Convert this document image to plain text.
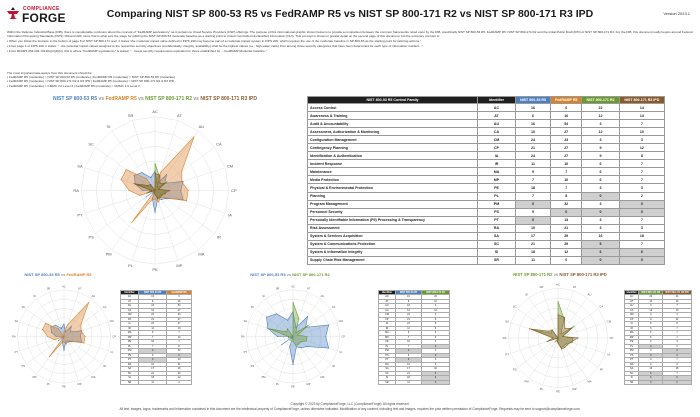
COMPLIANCE
FORGE	Comparing NIST SP 800-53 R5 vs FedRAMP R5 vs NIST SP 800-171 R2 vs NIST SP 800-171 R3 IPD	Version 2023.1

Within the Defense Industrial Base (DIB), there is considerable confusion about the concept of "FedRAMP equivalency" as it pertains to Cloud Service Providers (CSP) offerings. The purpose of this informational graphic shown below is to provide a comparison between the common frameworks relied upon by the DIB, specifically NIST SP 800-53 R5, FedRAMP R5, NIST SP 800-171 R2 and the Initial Public Draft (IPD) of NIST SP 800-171 R3. For the DIB, this document really begins around Federal Information Processing Standards (FIPS) 199 and 200, since that is what sets the stage for utilizing the NIST SP 800-53 moderate baseline as a starting point to protect Controlled Unclassified Information (CUI). This concept is shown in greater detail on the second page of this document, but the summary concept is:

▪ When you follow the footnote to the bottom of page 5 of NIST SP 800-171 rev2, it states "the moderate impact value defined in FIPS 199 may become part of a moderate impact system in FIPS 200, which requires the use of the moderate baseline in SP 800-53 as the starting point for tailoring actions."

▪ From page 4 of FIPS 199, it states: "...the potential impact values assigned to the respective security objectives (confidentiality, integrity, availability) shall be the highest values (i.e., high water mark) from among those security categories that have been determined for each type of information resident..."

▪ From DFARS 252.204-7012(b)(2)(ii)(D), this is where "FedRAMP equivalency" is stated: "...meets security requirements equivalent to those established by ... FedRAMP Moderate baseline."

The most important take-aways from this document should be:

▪ FedRAMP R5 (moderate) > NIST SP 800-53 R5 (moderate) | FedRAMP R5 (moderate) > NIST SP 800-53 R5 (moderate)

▪ FedRAMP R5 (moderate) > NIST SP 800-171 R2 & R3 IPD | FedRAMP R5 (moderate) > NIST SP 800-171 R2 & R3 IPD

▪ FedRAMP R5 (moderate) > CMMC 2.0 Level 2 | FedRAMP R5 (moderate) > CMMC 2.0 Level 2

NIST SP 800-53 R5 vs FedRAMP R5 vs NIST SP 800-171 R2 vs NIST SP 800-171 R3 IPD
AC
AT
AU
CA
CM
CP
IA
IR
MA
MP
PE
PL
PM
PS
PT
RA
SA
SC
SI
SR
NIST 800-53 R5 Control Family	Identifier	NIST 800-53 R5	FedRAMP R5	NIST 800-171 R2	NIST 800-171 R3 IPD
Access Control	AC	16	6	22	14
Awareness & Training	AT	6	16	12	13
Audit & Accountability	AU	16	54	3	7
Assessment, Authorization & Monitoring	CA	10	27	12	10
Configuration Management	CM	24	23	3	3
Contingency Planning	CP	21	27	9	12
Identification & Authentication	IA	24	27	9	8
Incident Response	IR	11	10	6	7
Maintenance	MA	9	7	6	7
Media Protection	MP	7	10	6	7
Physical & Environmental Protection	PE	18	7	3	3
Planning	PL	7	8	0	2
Program Management	PM	0	32	3	0
Personnel Security	PS	9	0	0	0
Personally Identifiable Information (PII) Processing & Transparency	PT	0	13	3	7
Risk Assessment	RA	10	21	3	3
System & Services Acquisition	SA	17	29	16	18
System & Communications Protection	SC	21	29	5	7
System & Information Integrity	SI	18	12	6	6
Supply Chain Risk Management	SR	11	0	0	0
NIST SP 800-53 R5 vs FedRAMP R5
AC
AT
AU
CA
CM
CP
IA
IR
MA
MP
PE
PL
PM
PS
PT
RA
SA
SC
SI
SR
Identifier	NIST 800-53 R5	FedRAMP R5
AC	16	6
AT	6	16
AU	16	54
CA	10	27
CM	24	23
CP	21	27
IA	24	27
IR	11	10
MA	9	7
MP	7	10
PE	18	7
PL	7	8
PM	0	32
PS	9	0
PT	0	13
RA	10	21
SA	17	29
SC	21	29
SI	18	12
SR	11	0
NIST SP 800-53 R5 vs NIST SP 800-171 R2
AC
AT
AU
CA
CM
CP
IA
IR
MA
MP
PE
PL
PM
PS
PT
RA
SA
SC
SI
SR
Identifier	NIST 800-53 R5	NIST 800-171 R2
AC	16	22
AT	6	12
AU	16	3
CA	10	12
CM	24	3
CP	21	9
IA	24	9
IR	11	6
MA	9	6
MP	7	6
PE	18	3
PL	7	0
PM	0	3
PS	9	0
PT	0	3
RA	10	3
SA	17	16
SC	21	5
SI	18	6
SR	11	0
NIST SP 800-171 R2 vs NIST SP 800-171 R3 IPD
AC
AT
AU
CA
CM
CP
IA
IR
MA
MP
PE
PL
PM
PS
PT
RA
SA
SC
SI
SR
Identifier	NIST 800-171 R2	NIST 800-171 R3 IPD
AC	22	14
AT	12	13
AU	3	7
CA	12	10
CM	3	3
CP	9	12
IA	9	8
IR	6	7
MA	6	7
MP	6	7
PE	3	3
PL	0	2
PM	3	0
PS	0	0
PT	3	7
RA	3	3
SA	16	18
SC	5	7
SI	6	6
SR	0	0
Copyright © 2023 by ComplianceForge, LLC (ComplianceForge). All rights reserved.
All text, images, logos, trademarks and information contained in this document are the intellectual property of ComplianceForge, unless otherwise indicated. Modification of any content, including text and images, requires the prior written permission of ComplianceForge. Requests may be sent to support@complianceforge.com.
